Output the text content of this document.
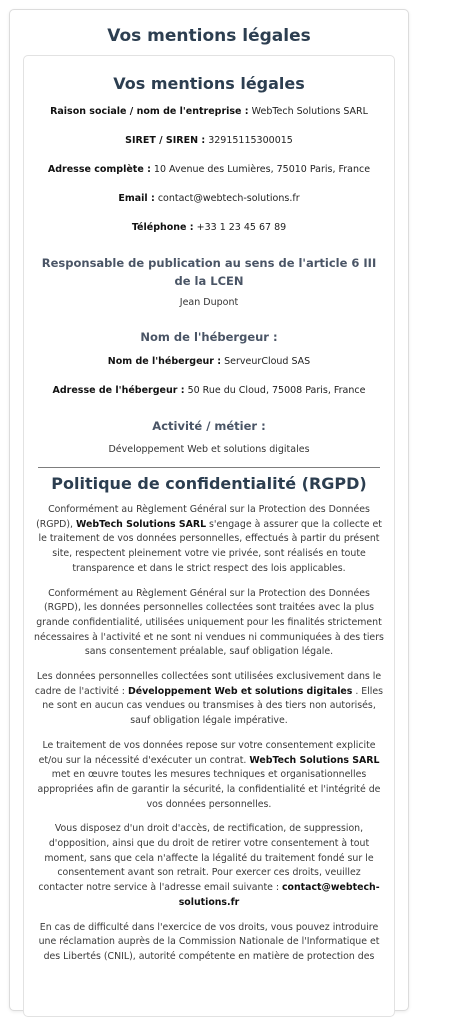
Vos mentions légales
Vos mentions légales
Raison sociale / nom de l'entreprise : WebTech Solutions SARL
SIRET / SIREN : 32915115300015
Adresse complète : 10 Avenue des Lumières, 75010 Paris, France
Email : contact@webtech-solutions.fr
Téléphone : +33 1 23 45 67 89
Responsable de publication au sens de l'article 6 III de la LCEN
Jean Dupont
Nom de l'hébergeur :
Nom de l'hébergeur : ServeurCloud SAS
Adresse de l'hébergeur : 50 Rue du Cloud, 75008 Paris, France
Activité / métier :
Développement Web et solutions digitales
Politique de confidentialité (RGPD)

Conformément au Règlement Général sur la Protection des Données (RGPD), WebTech Solutions SARL s'engage à assurer que la collecte et le traitement de vos données personnelles, effectués à partir du présent site, respectent pleinement votre vie privée, sont réalisés en toute transparence et dans le strict respect des lois applicables.

Conformément au Règlement Général sur la Protection des Données (RGPD), les données personnelles collectées sont traitées avec la plus grande confidentialité, utilisées uniquement pour les finalités strictement nécessaires à l'activité et ne sont ni vendues ni communiquées à des tiers sans consentement préalable, sauf obligation légale.

Les données personnelles collectées sont utilisées exclusivement dans le cadre de l'activité : Développement Web et solutions digitales . Elles ne sont en aucun cas vendues ou transmises à des tiers non autorisés, sauf obligation légale impérative.

Le traitement de vos données repose sur votre consentement explicite et/ou sur la nécessité d'exécuter un contrat. WebTech Solutions SARL met en œuvre toutes les mesures techniques et organisationnelles appropriées afin de garantir la sécurité, la confidentialité et l'intégrité de vos données personnelles.

Vous disposez d'un droit d'accès, de rectification, de suppression, d'opposition, ainsi que du droit de retirer votre consentement à tout moment, sans que cela n'affecte la légalité du traitement fondé sur le consentement avant son retrait. Pour exercer ces droits, veuillez contacter notre service à l'adresse email suivante : contact@webtech-solutions.fr

En cas de difficulté dans l'exercice de vos droits, vous pouvez introduire une réclamation auprès de la Commission Nationale de l'Informatique et des Libertés (CNIL), autorité compétente en matière de protection des
